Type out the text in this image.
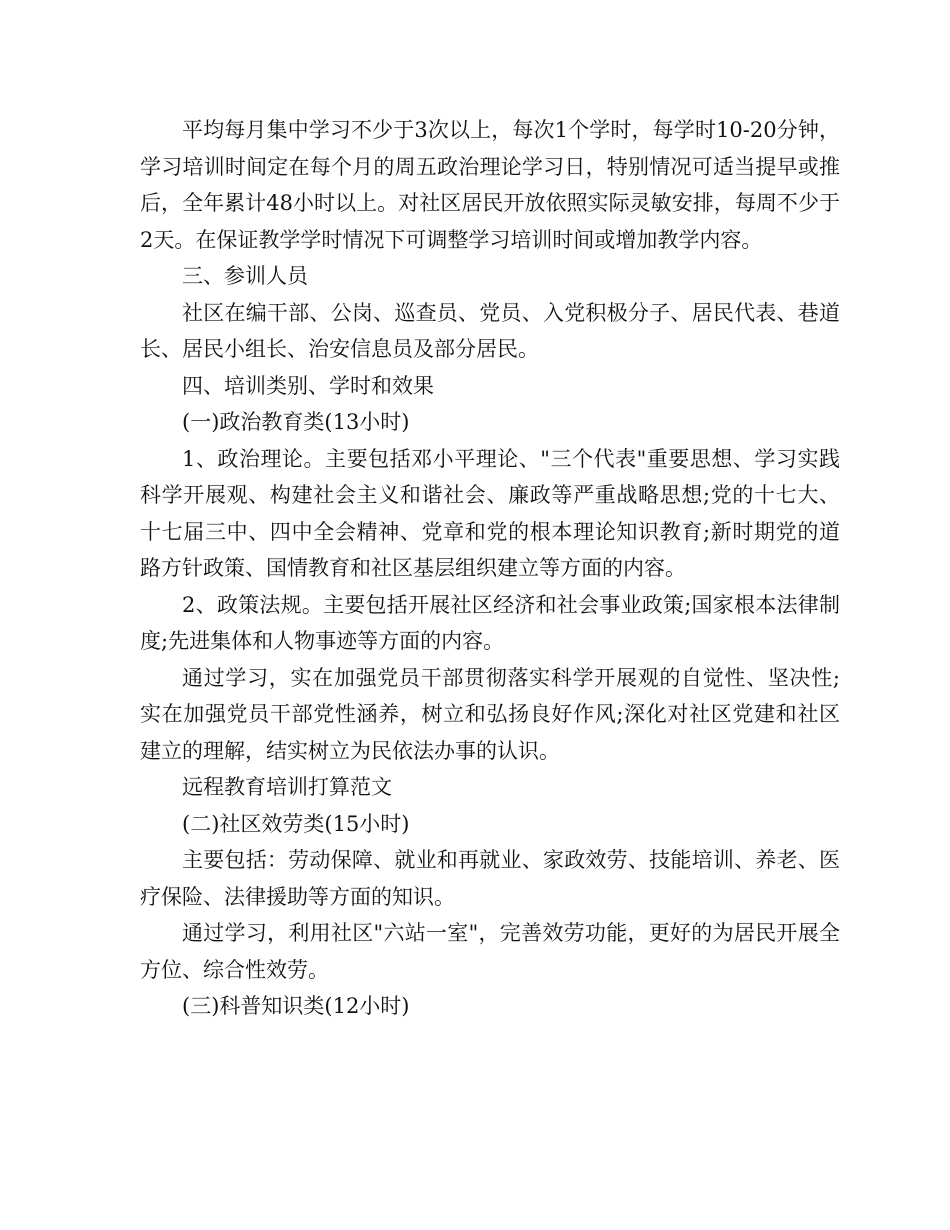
平均每月集中学习不少于3次以上，每次1个学时，每学时10-20分钟，学习培训时间定在每个月的周五政治理论学习日，特别情况可适当提早或推后，全年累计48小时以上。对社区居民开放依照实际灵敏安排，每周不少于2天。在保证教学学时情况下可调整学习培训时间或增加教学内容。

三、参训人员

社区在编干部、公岗、巡查员、党员、入党积极分子、居民代表、巷道长、居民小组长、治安信息员及部分居民。

四、培训类别、学时和效果

(一)政治教育类(13小时)

1、政治理论。主要包括邓小平理论、"三个代表"重要思想、学习实践科学开展观、构建社会主义和谐社会、廉政等严重战略思想;党的十七大、十七届三中、四中全会精神、党章和党的根本理论知识教育;新时期党的道路方针政策、国情教育和社区基层组织建立等方面的内容。

2、政策法规。主要包括开展社区经济和社会事业政策;国家根本法律制度;先进集体和人物事迹等方面的内容。

通过学习，实在加强党员干部贯彻落实科学开展观的自觉性、坚决性;实在加强党员干部党性涵养，树立和弘扬良好作风;深化对社区党建和社区建立的理解，结实树立为民依法办事的认识。

远程教育培训打算范文

(二)社区效劳类(15小时)

主要包括：劳动保障、就业和再就业、家政效劳、技能培训、养老、医疗保险、法律援助等方面的知识。

通过学习，利用社区"六站一室"，完善效劳功能，更好的为居民开展全方位、综合性效劳。

(三)科普知识类(12小时)
